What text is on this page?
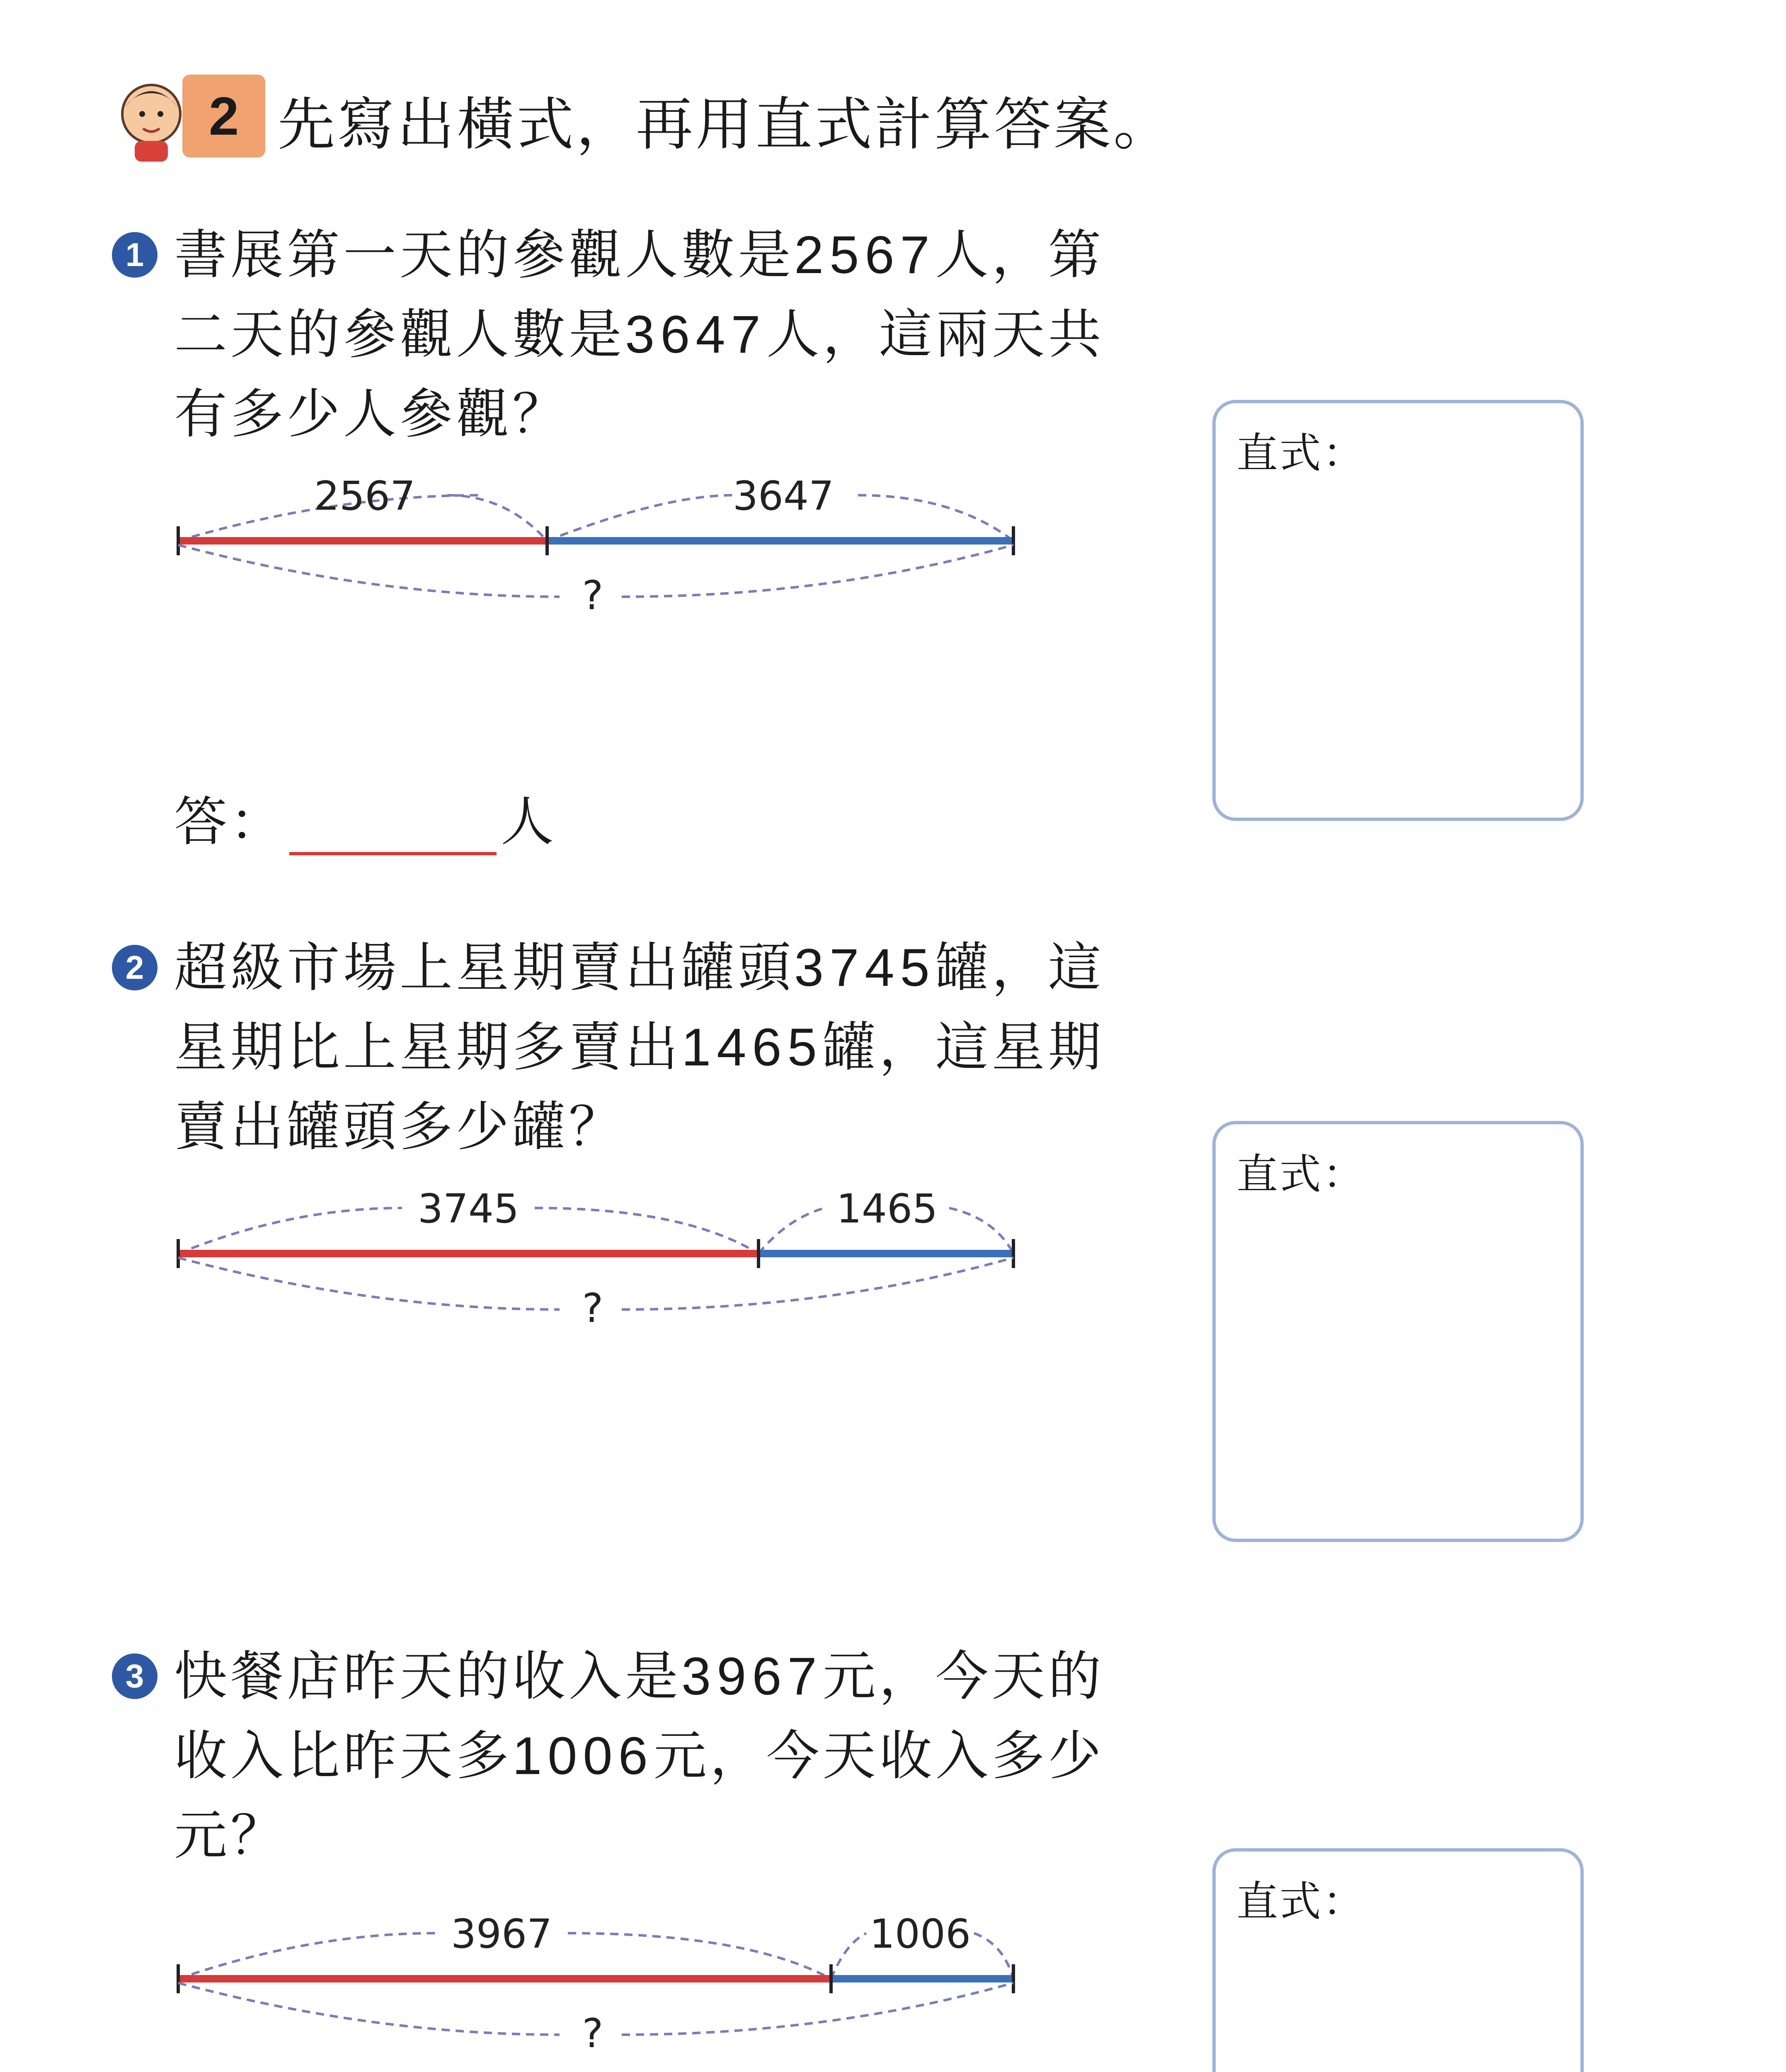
2 先寫出橫式，再用直式計算答案。
1 書展第一天的參觀人數是2567人，第
二天的參觀人數是3647人，這兩天共
有多少人參觀？
2567	3647
?
答：	人
直式：
2 超級市場上星期賣出罐頭3745罐，這
星期比上星期多賣出1465罐，這星期
賣出罐頭多少罐？
3745	1465
?
直式：
3 快餐店昨天的收入是3967元，今天的
收入比昨天多1006元，今天收入多少
元？
3967	1006
?
直式：
